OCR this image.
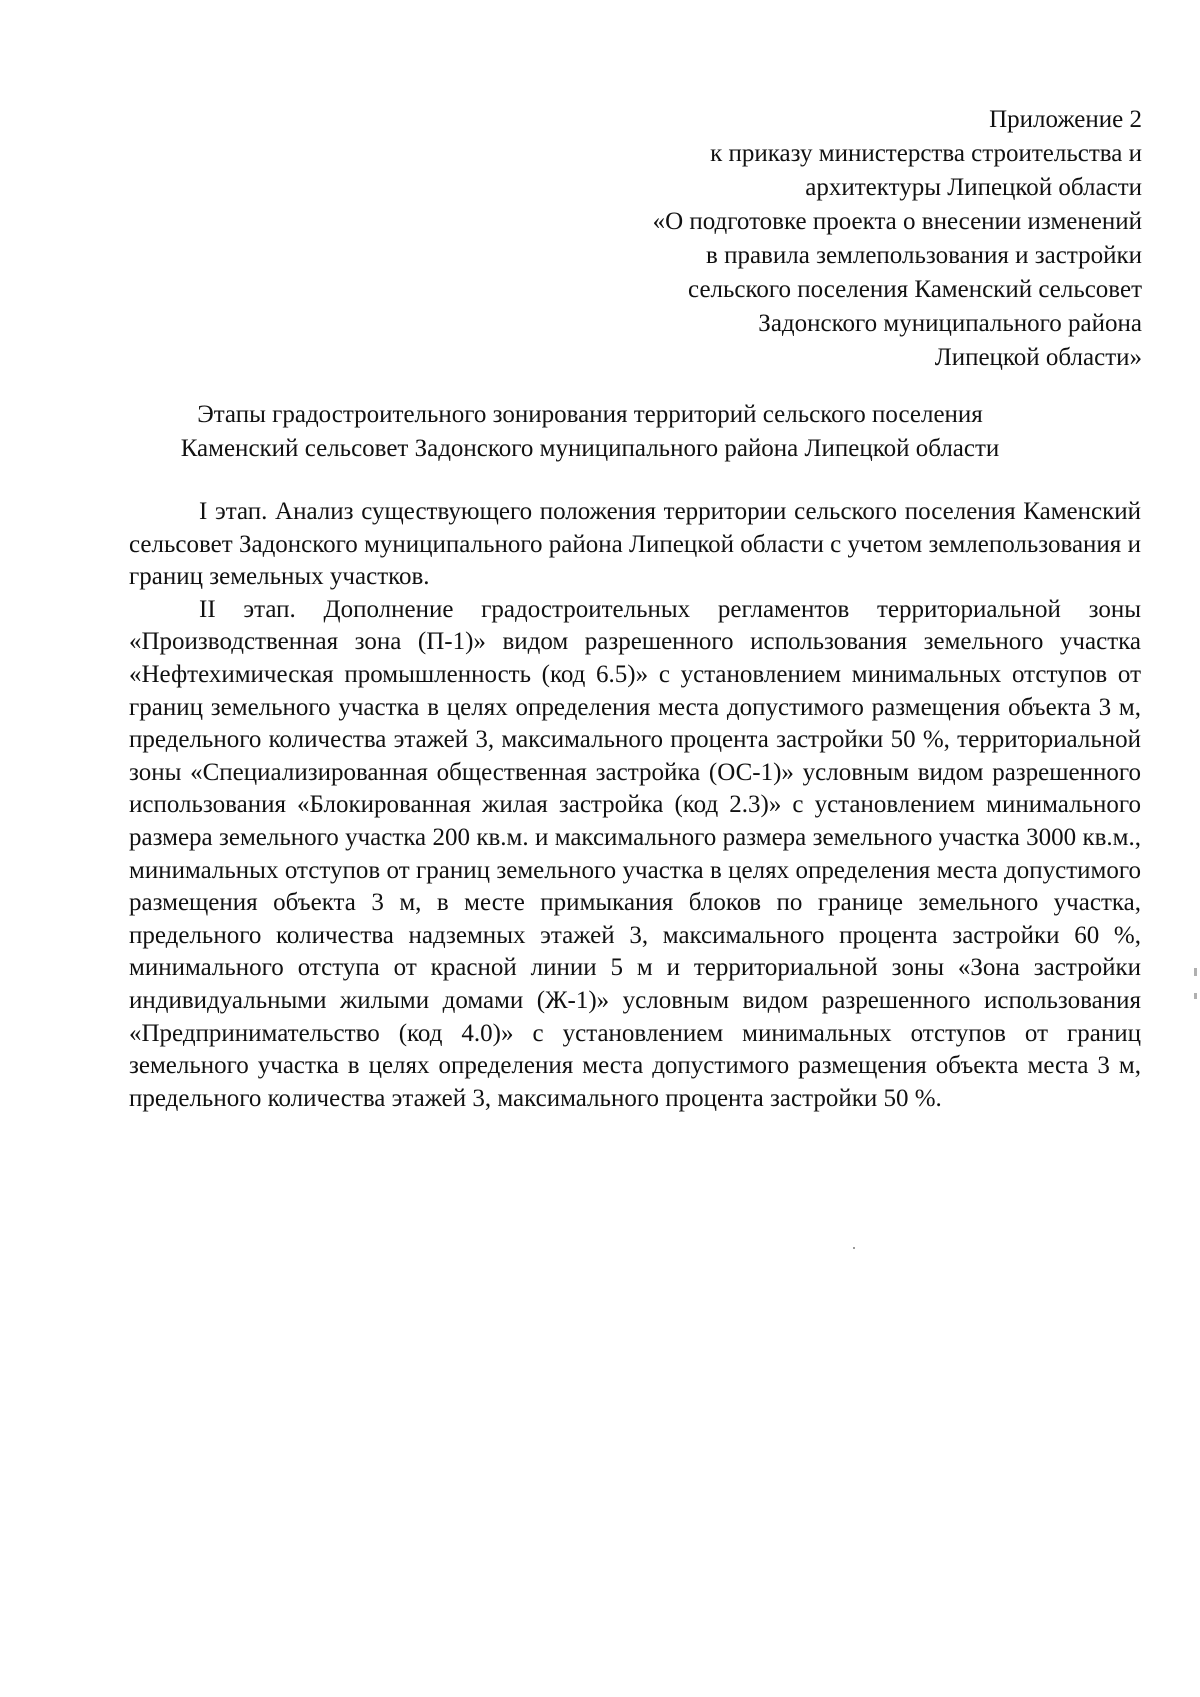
Приложение 2
к приказу министерства строительства и
архитектуры Липецкой области
«О подготовке проекта о внесении изменений
в правила землепользования и застройки
сельского поселения Каменский сельсовет
Задонского муниципального района
Липецкой области»
Этапы градостроительного зонирования территорий сельского поселения
Каменский сельсовет Задонского муниципального района Липецкой области

I этап. Анализ существующего положения территории сельского поселения Каменский сельсовет Задонского муниципального района Липецкой области с учетом землепользования и границ земельных участков.

II этап. Дополнение градостроительных регламентов территориальной зоны «Производственная зона (П-1)» видом разрешенного использования земельного участка «Нефтехимическая промышленность (код 6.5)» с установлением минимальных отступов от границ земельного участка в целях определения места допустимого размещения объекта 3 м, предельного количества этажей 3, максимального процента застройки 50 %, территориальной зоны «Специализированная общественная застройка (ОС-1)» условным видом разрешенного использования «Блокированная жилая застройка (код 2.3)» с установлением минимального размера земельного участка 200 кв.м. и максимального размера земельного участка 3000 кв.м., минимальных отступов от границ земельного участка в целях определения места допустимого размещения объекта 3 м, в месте примыкания блоков по границе земельного участка, предельного количества надземных этажей 3, максимального процента застройки 60 %, минимального отступа от красной линии 5 м и территориальной зоны «Зона застройки индивидуальными жилыми домами (Ж-1)» условным видом разрешенного использования «Предпринимательство (код 4.0)» с установлением минимальных отступов от границ земельного участка в целях определения места допустимого размещения объекта места 3 м, предельного количества этажей 3, максимального процента застройки 50 %.
